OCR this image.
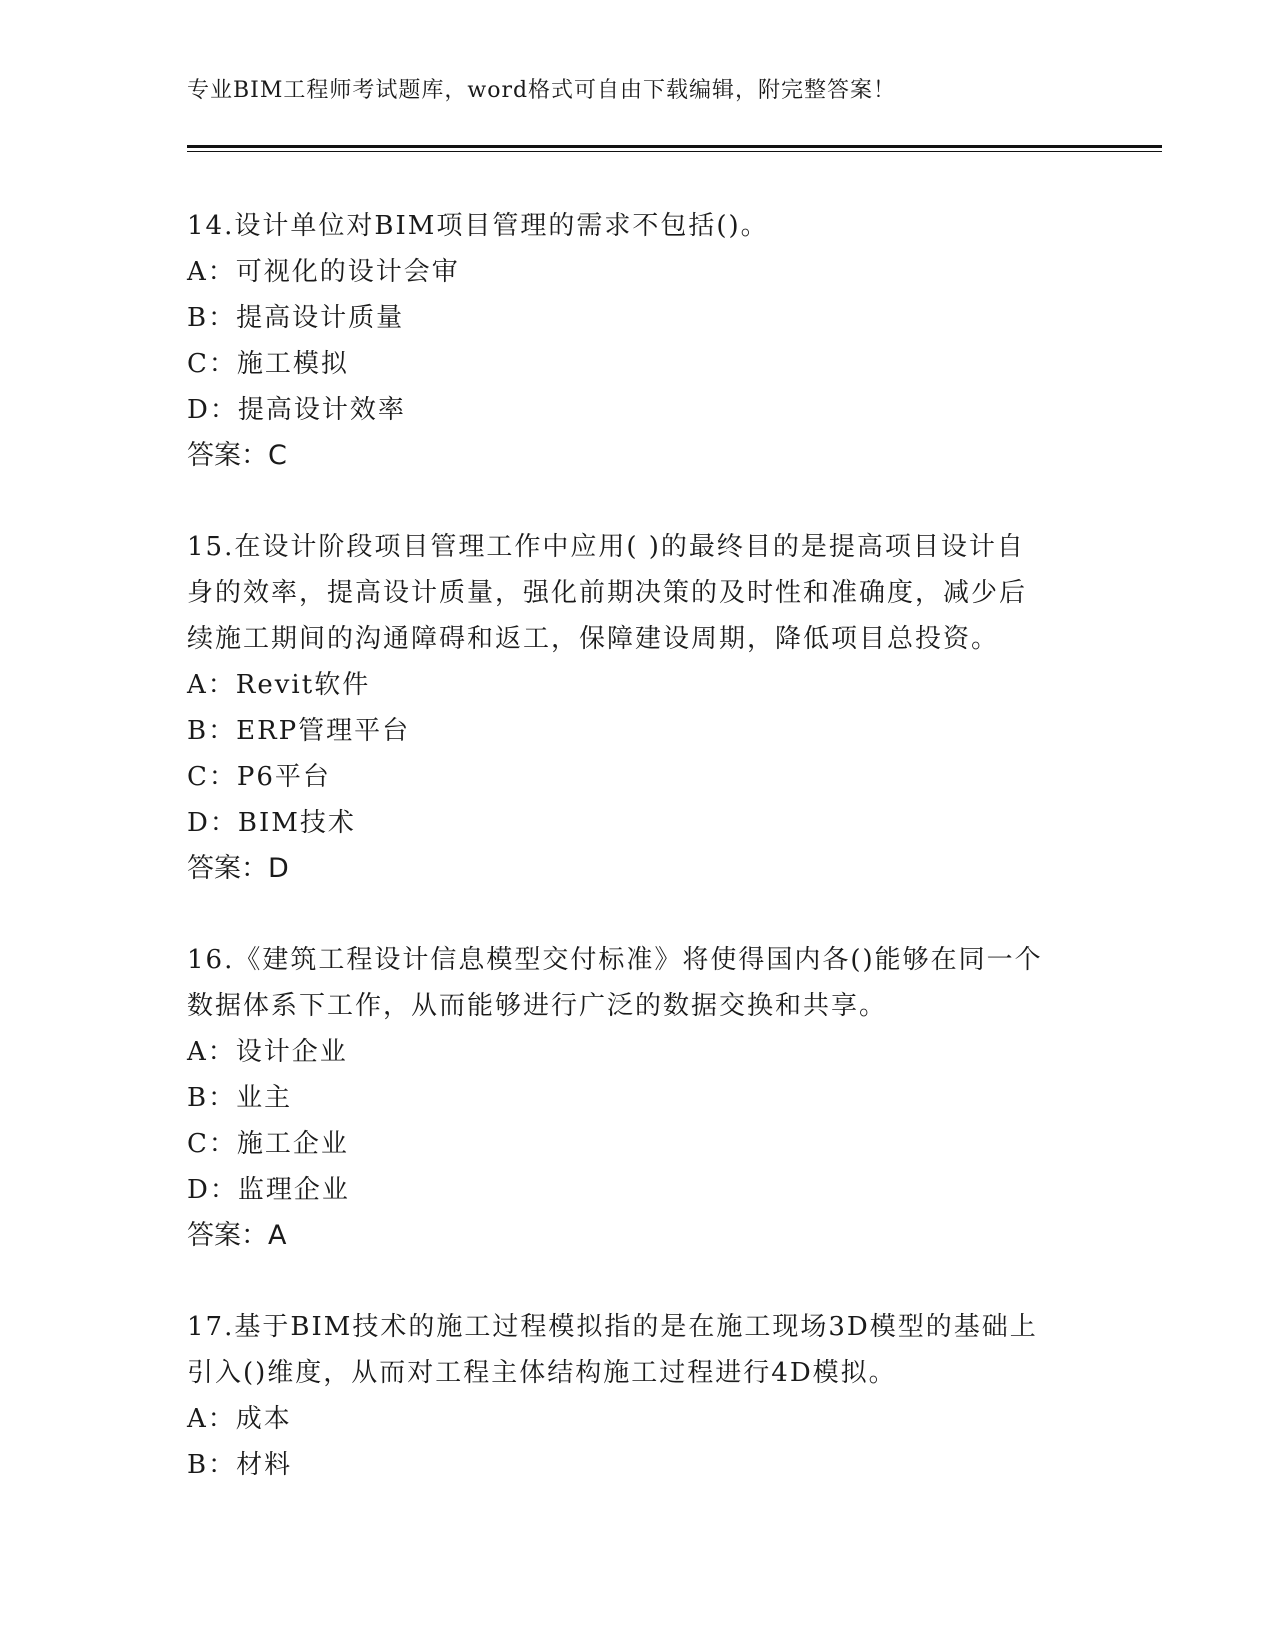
专业BIM工程师考试题库，word格式可自由下载编辑，附完整答案！
14.设计单位对BIM项目管理的需求不包括()。
A：可视化的设计会审
B：提高设计质量
C：施工模拟
D：提高设计效率
答案：C
15.在设计阶段项目管理工作中应用( )的最终目的是提高项目设计自
身的效率，提高设计质量，强化前期决策的及时性和准确度，减少后
续施工期间的沟通障碍和返工，保障建设周期，降低项目总投资。
A：Revit软件
B：ERP管理平台
C：P6平台
D：BIM技术
答案：D
16.《建筑工程设计信息模型交付标准》将使得国内各()能够在同一个
数据体系下工作，从而能够进行广泛的数据交换和共享。
A：设计企业
B：业主
C：施工企业
D：监理企业
答案：A
17.基于BIM技术的施工过程模拟指的是在施工现场3D模型的基础上
引入()维度，从而对工程主体结构施工过程进行4D模拟。
A：成本
B：材料
